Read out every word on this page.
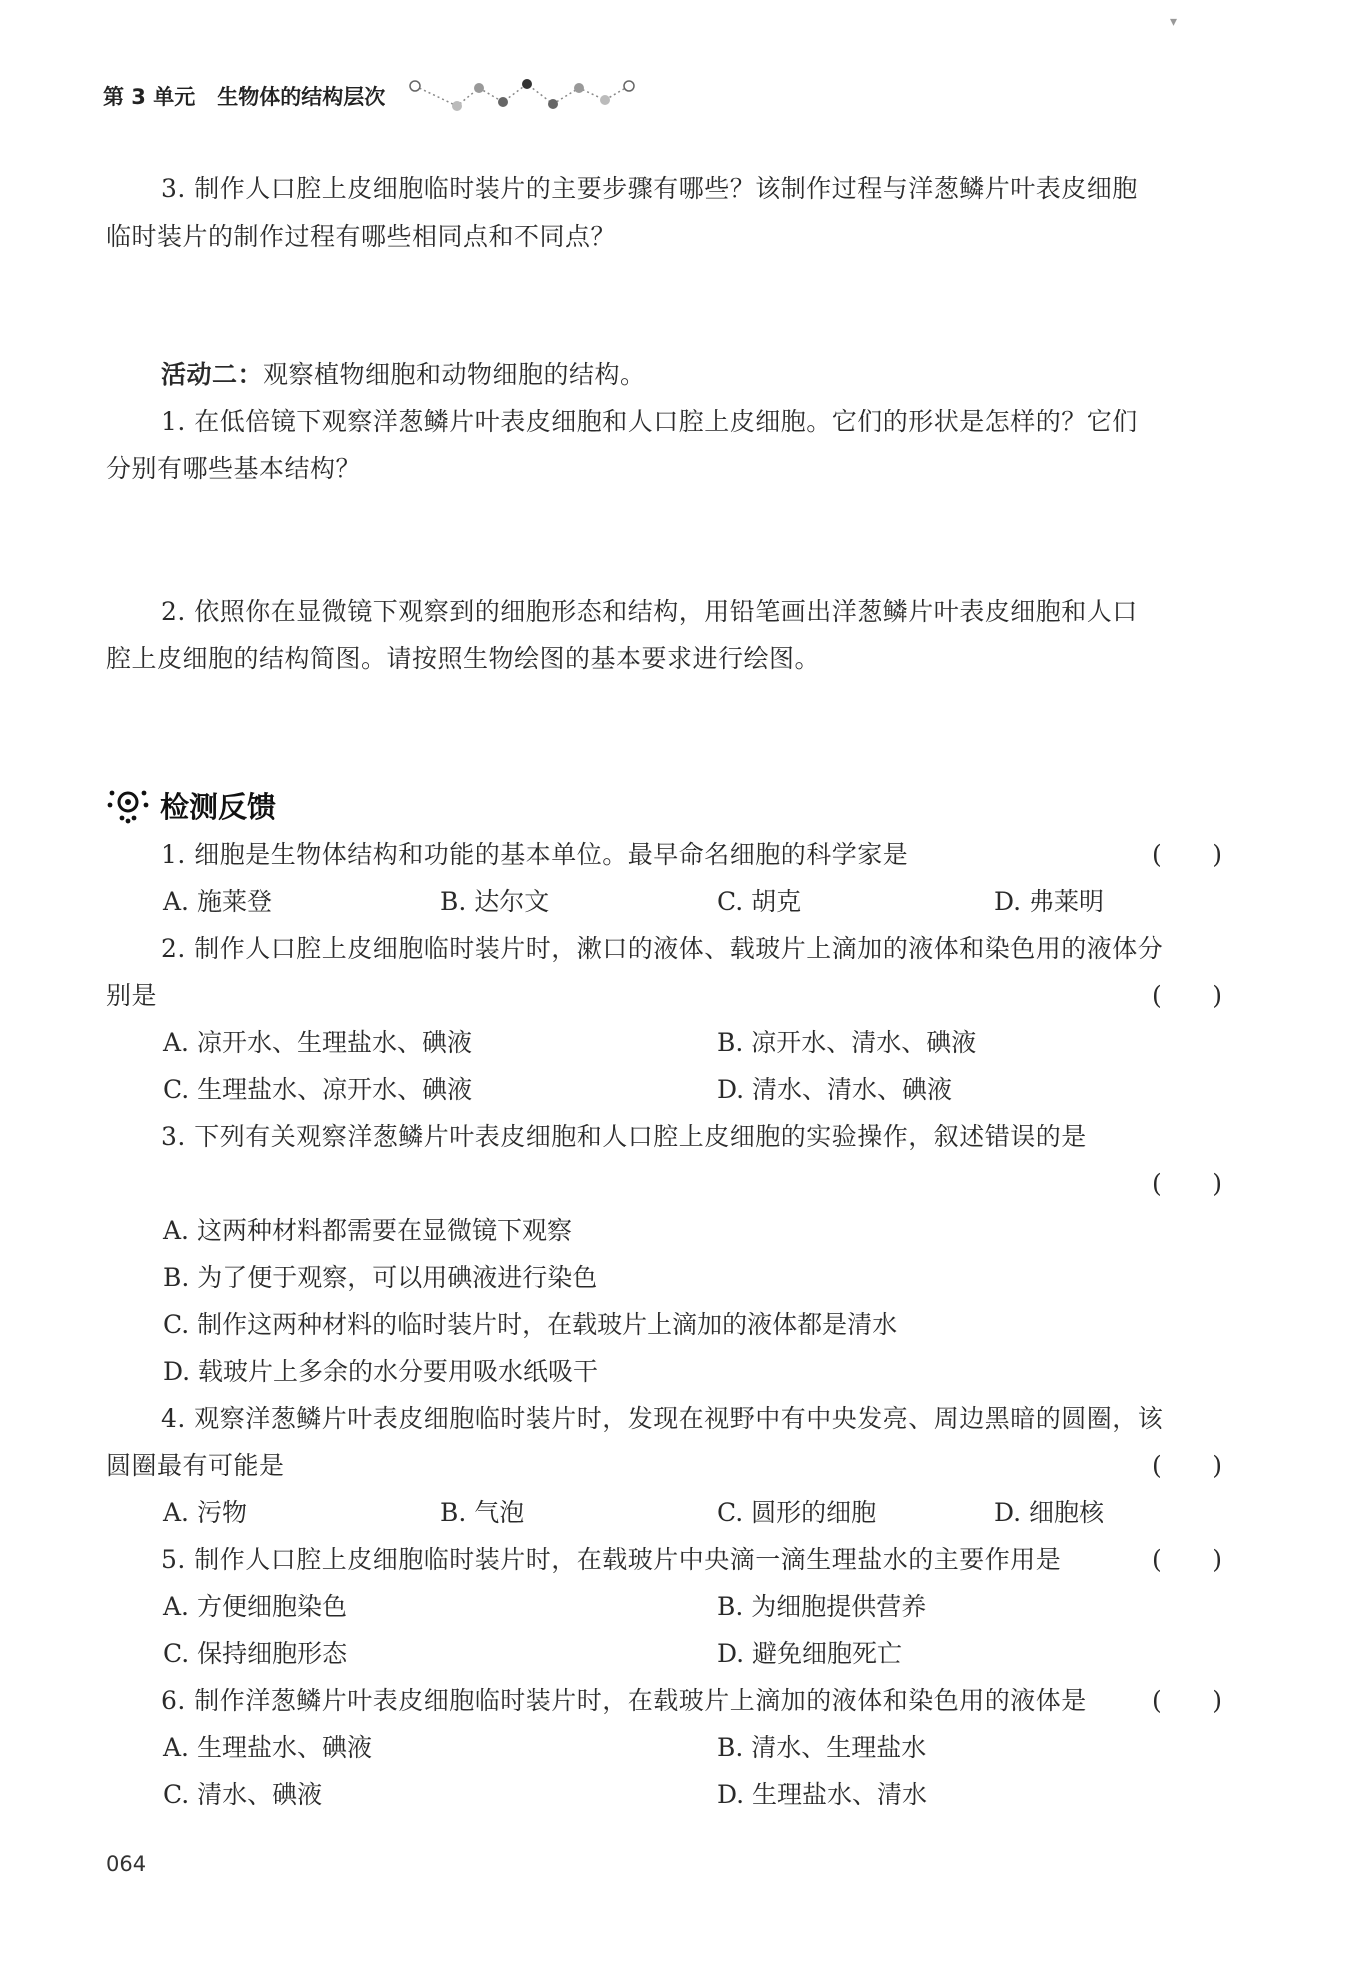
第 3 单元 生物体的结构层次
▾
3. 制作人口腔上皮细胞临时装片的主要步骤有哪些？该制作过程与洋葱鳞片叶表皮细胞
临时装片的制作过程有哪些相同点和不同点？
活动二：观察植物细胞和动物细胞的结构。
1. 在低倍镜下观察洋葱鳞片叶表皮细胞和人口腔上皮细胞。它们的形状是怎样的？它们
分别有哪些基本结构？
2. 依照你在显微镜下观察到的细胞形态和结构，用铅笔画出洋葱鳞片叶表皮细胞和人口
腔上皮细胞的结构简图。请按照生物绘图的基本要求进行绘图。
检测反馈
1. 细胞是生物体结构和功能的基本单位。最早命名细胞的科学家是	( )
A. 施莱登	B. 达尔文	C. 胡克	D. 弗莱明
2. 制作人口腔上皮细胞临时装片时，漱口的液体、载玻片上滴加的液体和染色用的液体分
别是	( )
A. 凉开水、生理盐水、碘液	B. 凉开水、清水、碘液
C. 生理盐水、凉开水、碘液	D. 清水、清水、碘液
3. 下列有关观察洋葱鳞片叶表皮细胞和人口腔上皮细胞的实验操作，叙述错误的是
( )
A. 这两种材料都需要在显微镜下观察
B. 为了便于观察，可以用碘液进行染色
C. 制作这两种材料的临时装片时，在载玻片上滴加的液体都是清水
D. 载玻片上多余的水分要用吸水纸吸干
4. 观察洋葱鳞片叶表皮细胞临时装片时，发现在视野中有中央发亮、周边黑暗的圆圈，该
圆圈最有可能是	( )
A. 污物	B. 气泡	C. 圆形的细胞	D. 细胞核
5. 制作人口腔上皮细胞临时装片时，在载玻片中央滴一滴生理盐水的主要作用是	( )
A. 方便细胞染色	B. 为细胞提供营养
C. 保持细胞形态	D. 避免细胞死亡
6. 制作洋葱鳞片叶表皮细胞临时装片时，在载玻片上滴加的液体和染色用的液体是	( )
A. 生理盐水、碘液	B. 清水、生理盐水
C. 清水、碘液	D. 生理盐水、清水
064
